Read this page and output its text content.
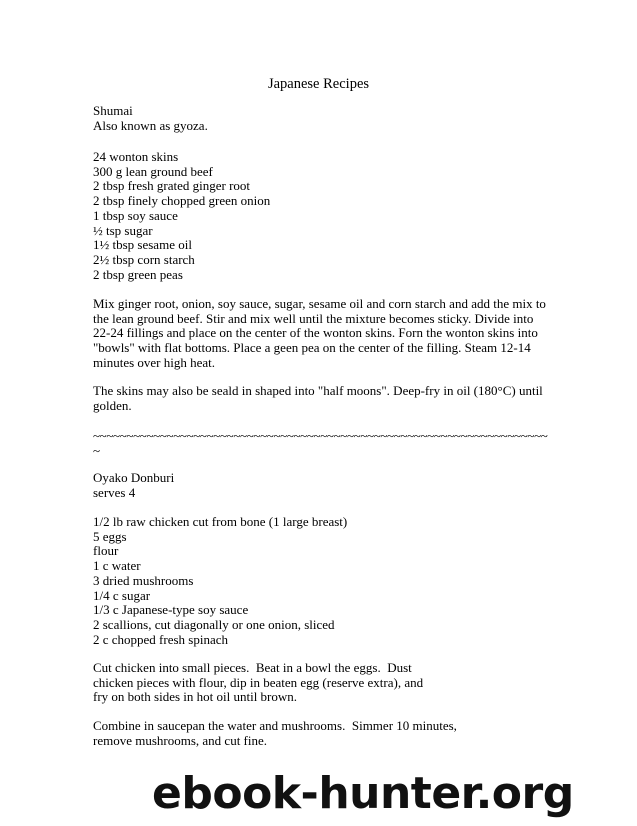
Japanese Recipes
Shumai
Also known as gyoza.
24 wonton skins
300 g lean ground beef
2 tbsp fresh grated ginger root
2 tbsp finely chopped green onion
1 tbsp soy sauce
½ tsp sugar
1½ tbsp sesame oil
2½ tbsp corn starch
2 tbsp green peas
Mix ginger root, onion, soy sauce, sugar, sesame oil and corn starch and add the mix to the lean ground beef. Stir and mix well until the mixture becomes sticky. Divide into 22-24 fillings and place on the center of the wonton skins. Forn the wonton skins into "bowls" with flat bottoms. Place a geen pea on the center of the filling. Steam 12-14 minutes over high heat.
The skins may also be seald in shaped into "half moons". Deep-fry in oil (180°C) until golden.
~~~~~~~~~~~~~~~~~~~~~~~~~~~~~~~~~~~~~~~~~~~~~~~~~~~~~~~~~~~~~~~~~~~~~
Oyako Donburi
serves 4
1/2 lb raw chicken cut from bone (1 large breast)
5 eggs
flour
1 c water
3 dried mushrooms
1/4 c sugar
1/3 c Japanese-type soy sauce
2 scallions, cut diagonally or one onion, sliced
2 c chopped fresh spinach
Cut chicken into small pieces.  Beat in a bowl the eggs.  Dust
chicken pieces with flour, dip in beaten egg (reserve extra), and
fry on both sides in hot oil until brown.
Combine in saucepan the water and mushrooms.  Simmer 10 minutes,
remove mushrooms, and cut fine.
ebook-hunter.org
